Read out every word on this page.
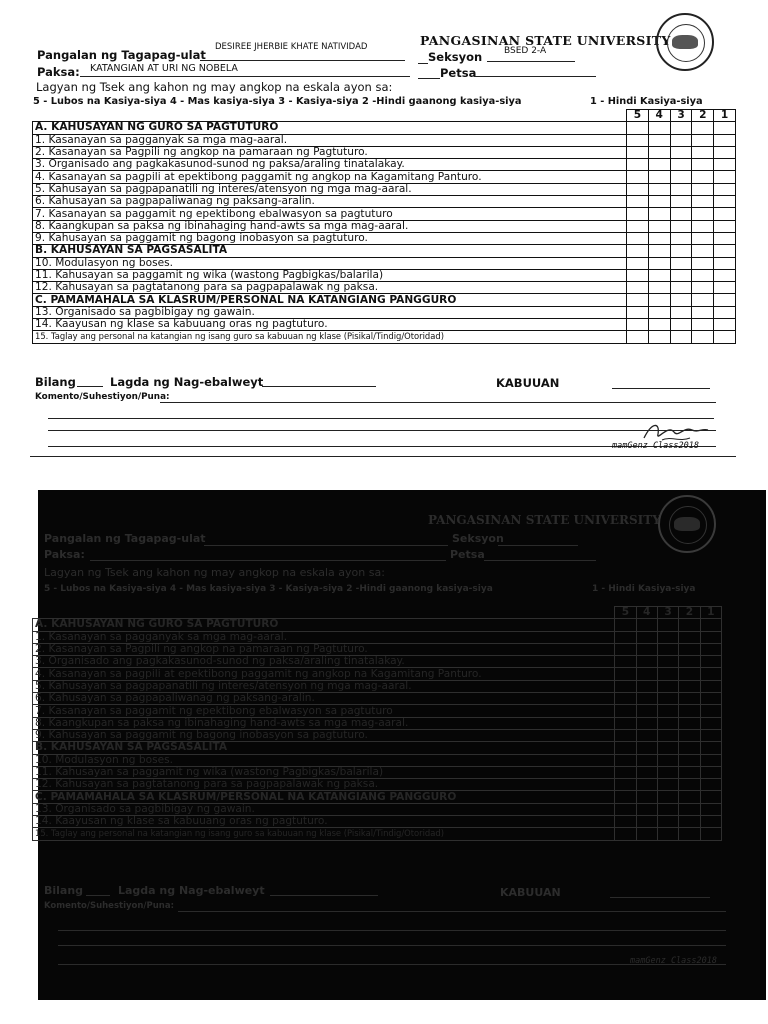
DESIREE JHERBIE KHATE NATIVIDAD
Pangalan ng Tagapag-ulat
PANGASINAN STATE UNIVERSITY
BSED 2-A
Seksyon
Paksa: KATANGIAN AT URI NG NOBELA	Petsa
Lagyan ng Tsek ang kahon ng may angkop na eskala ayon sa:
5 - Lubos na Kasiya-siya 4 - Mas kasiya-siya 3 - Kasiya-siya 2 -Hindi gaanong kasiya-siya	1 - Hindi Kasiya-siya
	5	4	3	2	1
A. KAHUSAYAN NG GURO SA PAGTUTURO					
1. Kasanayan sa pagganyak sa mga mag-aaral.					
2. Kasanayan sa Pagpili ng angkop na pamaraan ng Pagtuturo.					
3. Organisado ang pagkakasunod-sunod ng paksa/araling tinatalakay.					
4. Kasanayan sa pagpili at epektibong paggamit ng angkop na Kagamitang Panturo.					
5. Kahusayan sa pagpapanatili ng interes/atensyon ng mga mag-aaral.					
6. Kahusayan sa pagpapaliwanag ng paksang-aralin.					
7. Kasanayan sa paggamit ng epektibong ebalwasyon sa pagtuturo					
8. Kaangkupan sa paksa ng ibinahaging hand-awts sa mga mag-aaral.					
9. Kahusayan sa paggamit ng bagong inobasyon sa pagtuturo.					
B. KAHUSAYAN SA PAGSASALITA					
10. Modulasyon ng boses.					
11. Kahusayan sa paggamit ng wika (wastong Pagbigkas/balarila)					
12. Kahusayan sa pagtatanong para sa pagpapalawak ng paksa.					
C. PAMAMAHALA SA KLASRUM/PERSONAL NA KATANGIANG PANGGURO					
13. Organisado sa pagbibigay ng gawain.					
14. Kaayusan ng klase sa kabuuang oras ng pagtuturo.					
15. Taglay ang personal na katangian ng isang guro sa kabuuan ng klase (Pisikal/Tindig/Otoridad)					
Bilang	Lagda ng Nag-ebalweyt	KABUUAN
Komento/Suhestiyon/Puna:
mamGenz Class2018
PANGASINAN STATE UNIVERSITY
Pangalan ng Tagapag-ulat	Seksyon
Paksa:	Petsa
Lagyan ng Tsek ang kahon ng may angkop na eskala ayon sa:
5 - Lubos na Kasiya-siya 4 - Mas kasiya-siya 3 - Kasiya-siya 2 -Hindi gaanong kasiya-siya	1 - Hindi Kasiya-siya
	5	4	3	2	1
A. KAHUSAYAN NG GURO SA PAGTUTURO					
1. Kasanayan sa pagganyak sa mga mag-aaral.					
2. Kasanayan sa Pagpili ng angkop na pamaraan ng Pagtuturo.					
3. Organisado ang pagkakasunod-sunod ng paksa/araling tinatalakay.					
4. Kasanayan sa pagpili at epektibong paggamit ng angkop na Kagamitang Panturo.					
5. Kahusayan sa pagpapanatili ng interes/atensyon ng mga mag-aaral.					
6. Kahusayan sa pagpapaliwanag ng paksang-aralin.					
7. Kasanayan sa paggamit ng epektibong ebalwasyon sa pagtuturo					
8. Kaangkupan sa paksa ng ibinahaging hand-awts sa mga mag-aaral.					
9. Kahusayan sa paggamit ng bagong inobasyon sa pagtuturo.					
B. KAHUSAYAN SA PAGSASALITA					
10. Modulasyon ng boses.					
11. Kahusayan sa paggamit ng wika (wastong Pagbigkas/balarila)					
12. Kahusayan sa pagtatanong para sa pagpapalawak ng paksa.					
C. PAMAMAHALA SA KLASRUM/PERSONAL NA KATANGIANG PANGGURO					
13. Organisado sa pagbibigay ng gawain.					
14. Kaayusan ng klase sa kabuuang oras ng pagtuturo.					
15. Taglay ang personal na katangian ng isang guro sa kabuuan ng klase (Pisikal/Tindig/Otoridad)					
Bilang	Lagda ng Nag-ebalweyt	KABUUAN
Komento/Suhestiyon/Puna:
mamGenz Class2018
